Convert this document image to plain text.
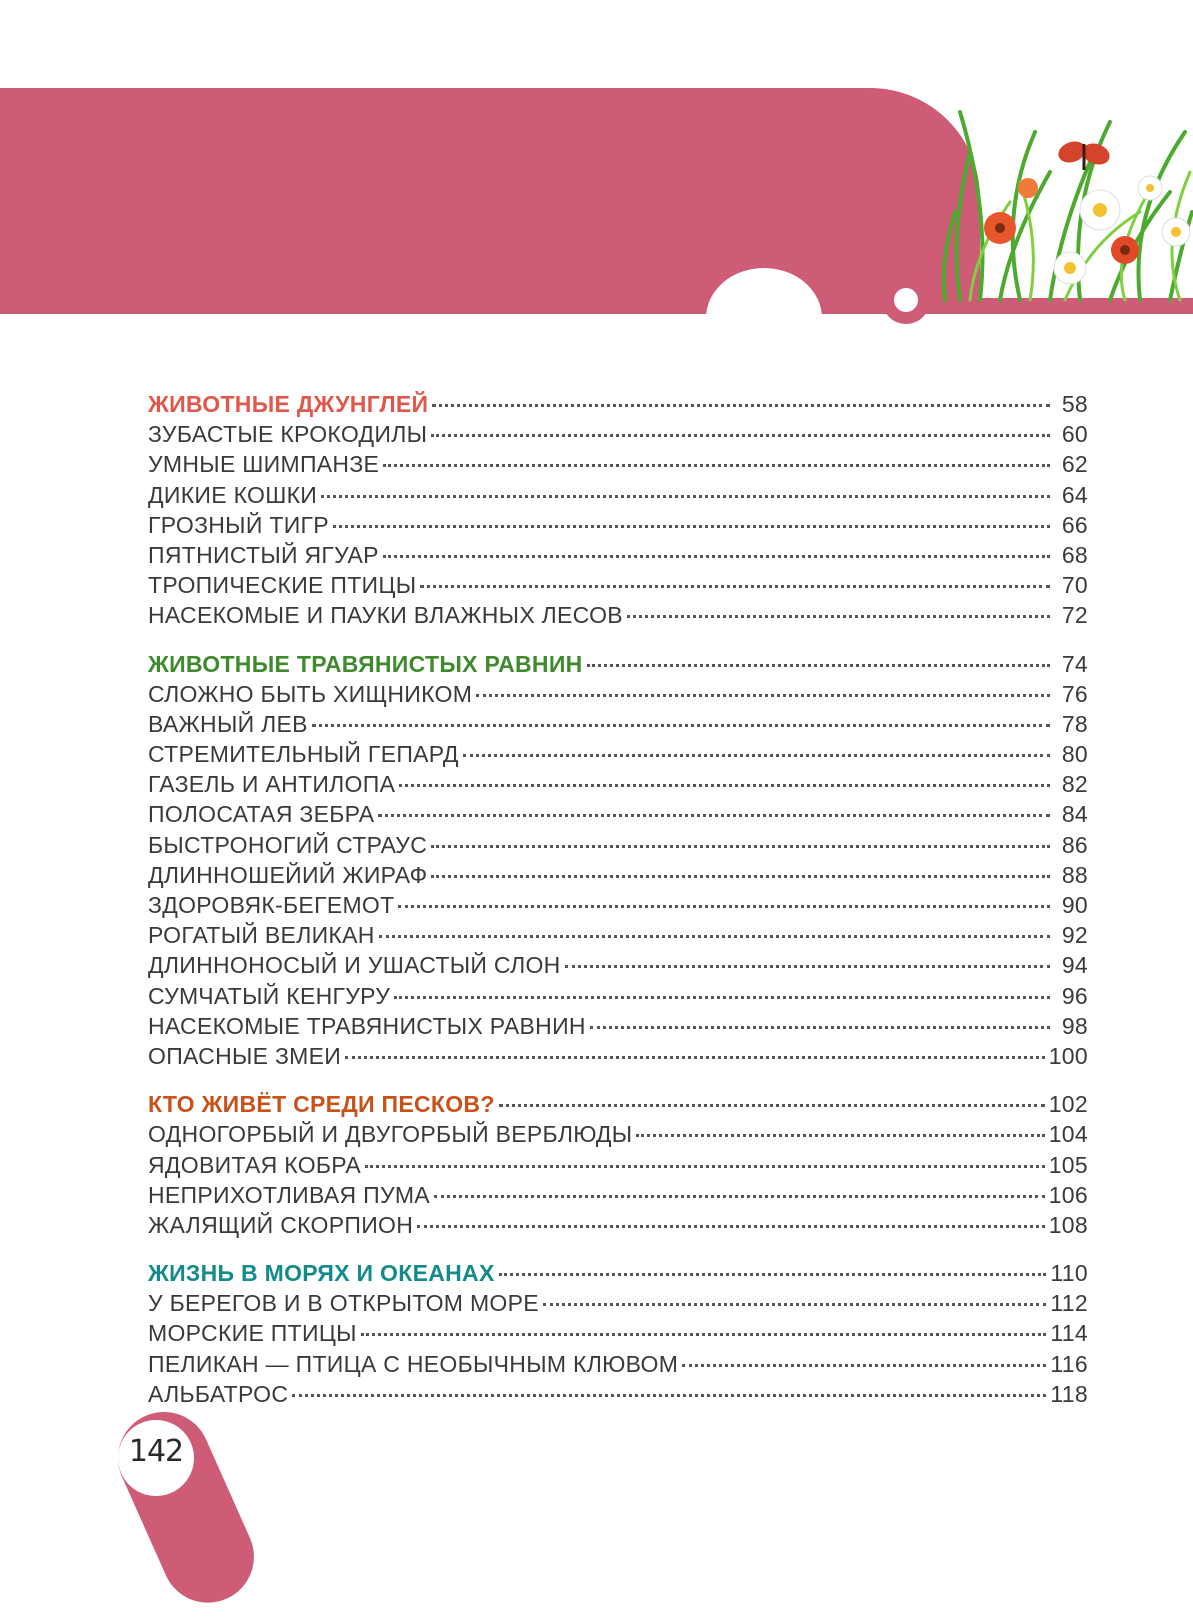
ЖИВОТНЫЕ ДЖУНГЛЕЙ	58
ЗУБАСТЫЕ КРОКОДИЛЫ	60
УМНЫЕ ШИМПАНЗЕ	62
ДИКИЕ КОШКИ	64
ГРОЗНЫЙ ТИГР	66
ПЯТНИСТЫЙ ЯГУАР	68
ТРОПИЧЕСКИЕ ПТИЦЫ	70
НАСЕКОМЫЕ И ПАУКИ ВЛАЖНЫХ ЛЕСОВ	72
ЖИВОТНЫЕ ТРАВЯНИСТЫХ РАВНИН	74
СЛОЖНО БЫТЬ ХИЩНИКОМ	76
ВАЖНЫЙ ЛЕВ	78
СТРЕМИТЕЛЬНЫЙ ГЕПАРД	80
ГАЗЕЛЬ И АНТИЛОПА	82
ПОЛОСАТАЯ ЗЕБРА	84
БЫСТРОНОГИЙ СТРАУС	86
ДЛИННОШЕЙИЙ ЖИРАФ	88
ЗДОРОВЯК-БЕГЕМОТ	90
РОГАТЫЙ ВЕЛИКАН	92
ДЛИННОНОСЫЙ И УШАСТЫЙ СЛОН	94
СУМЧАТЫЙ КЕНГУРУ	96
НАСЕКОМЫЕ ТРАВЯНИСТЫХ РАВНИН	98
ОПАСНЫЕ ЗМЕИ	100
КТО ЖИВЁТ СРЕДИ ПЕСКОВ?	102
ОДНОГОРБЫЙ И ДВУГОРБЫЙ ВЕРБЛЮДЫ	104
ЯДОВИТАЯ КОБРА	105
НЕПРИХОТЛИВАЯ ПУМА	106
ЖАЛЯЩИЙ СКОРПИОН	108
ЖИЗНЬ В МОРЯХ И ОКЕАНАХ	110
У БЕРЕГОВ И В ОТКРЫТОМ МОРЕ	112
МОРСКИЕ ПТИЦЫ	114
ПЕЛИКАН — ПТИЦА С НЕОБЫЧНЫМ КЛЮВОМ	116
АЛЬБАТРОС	118
142
